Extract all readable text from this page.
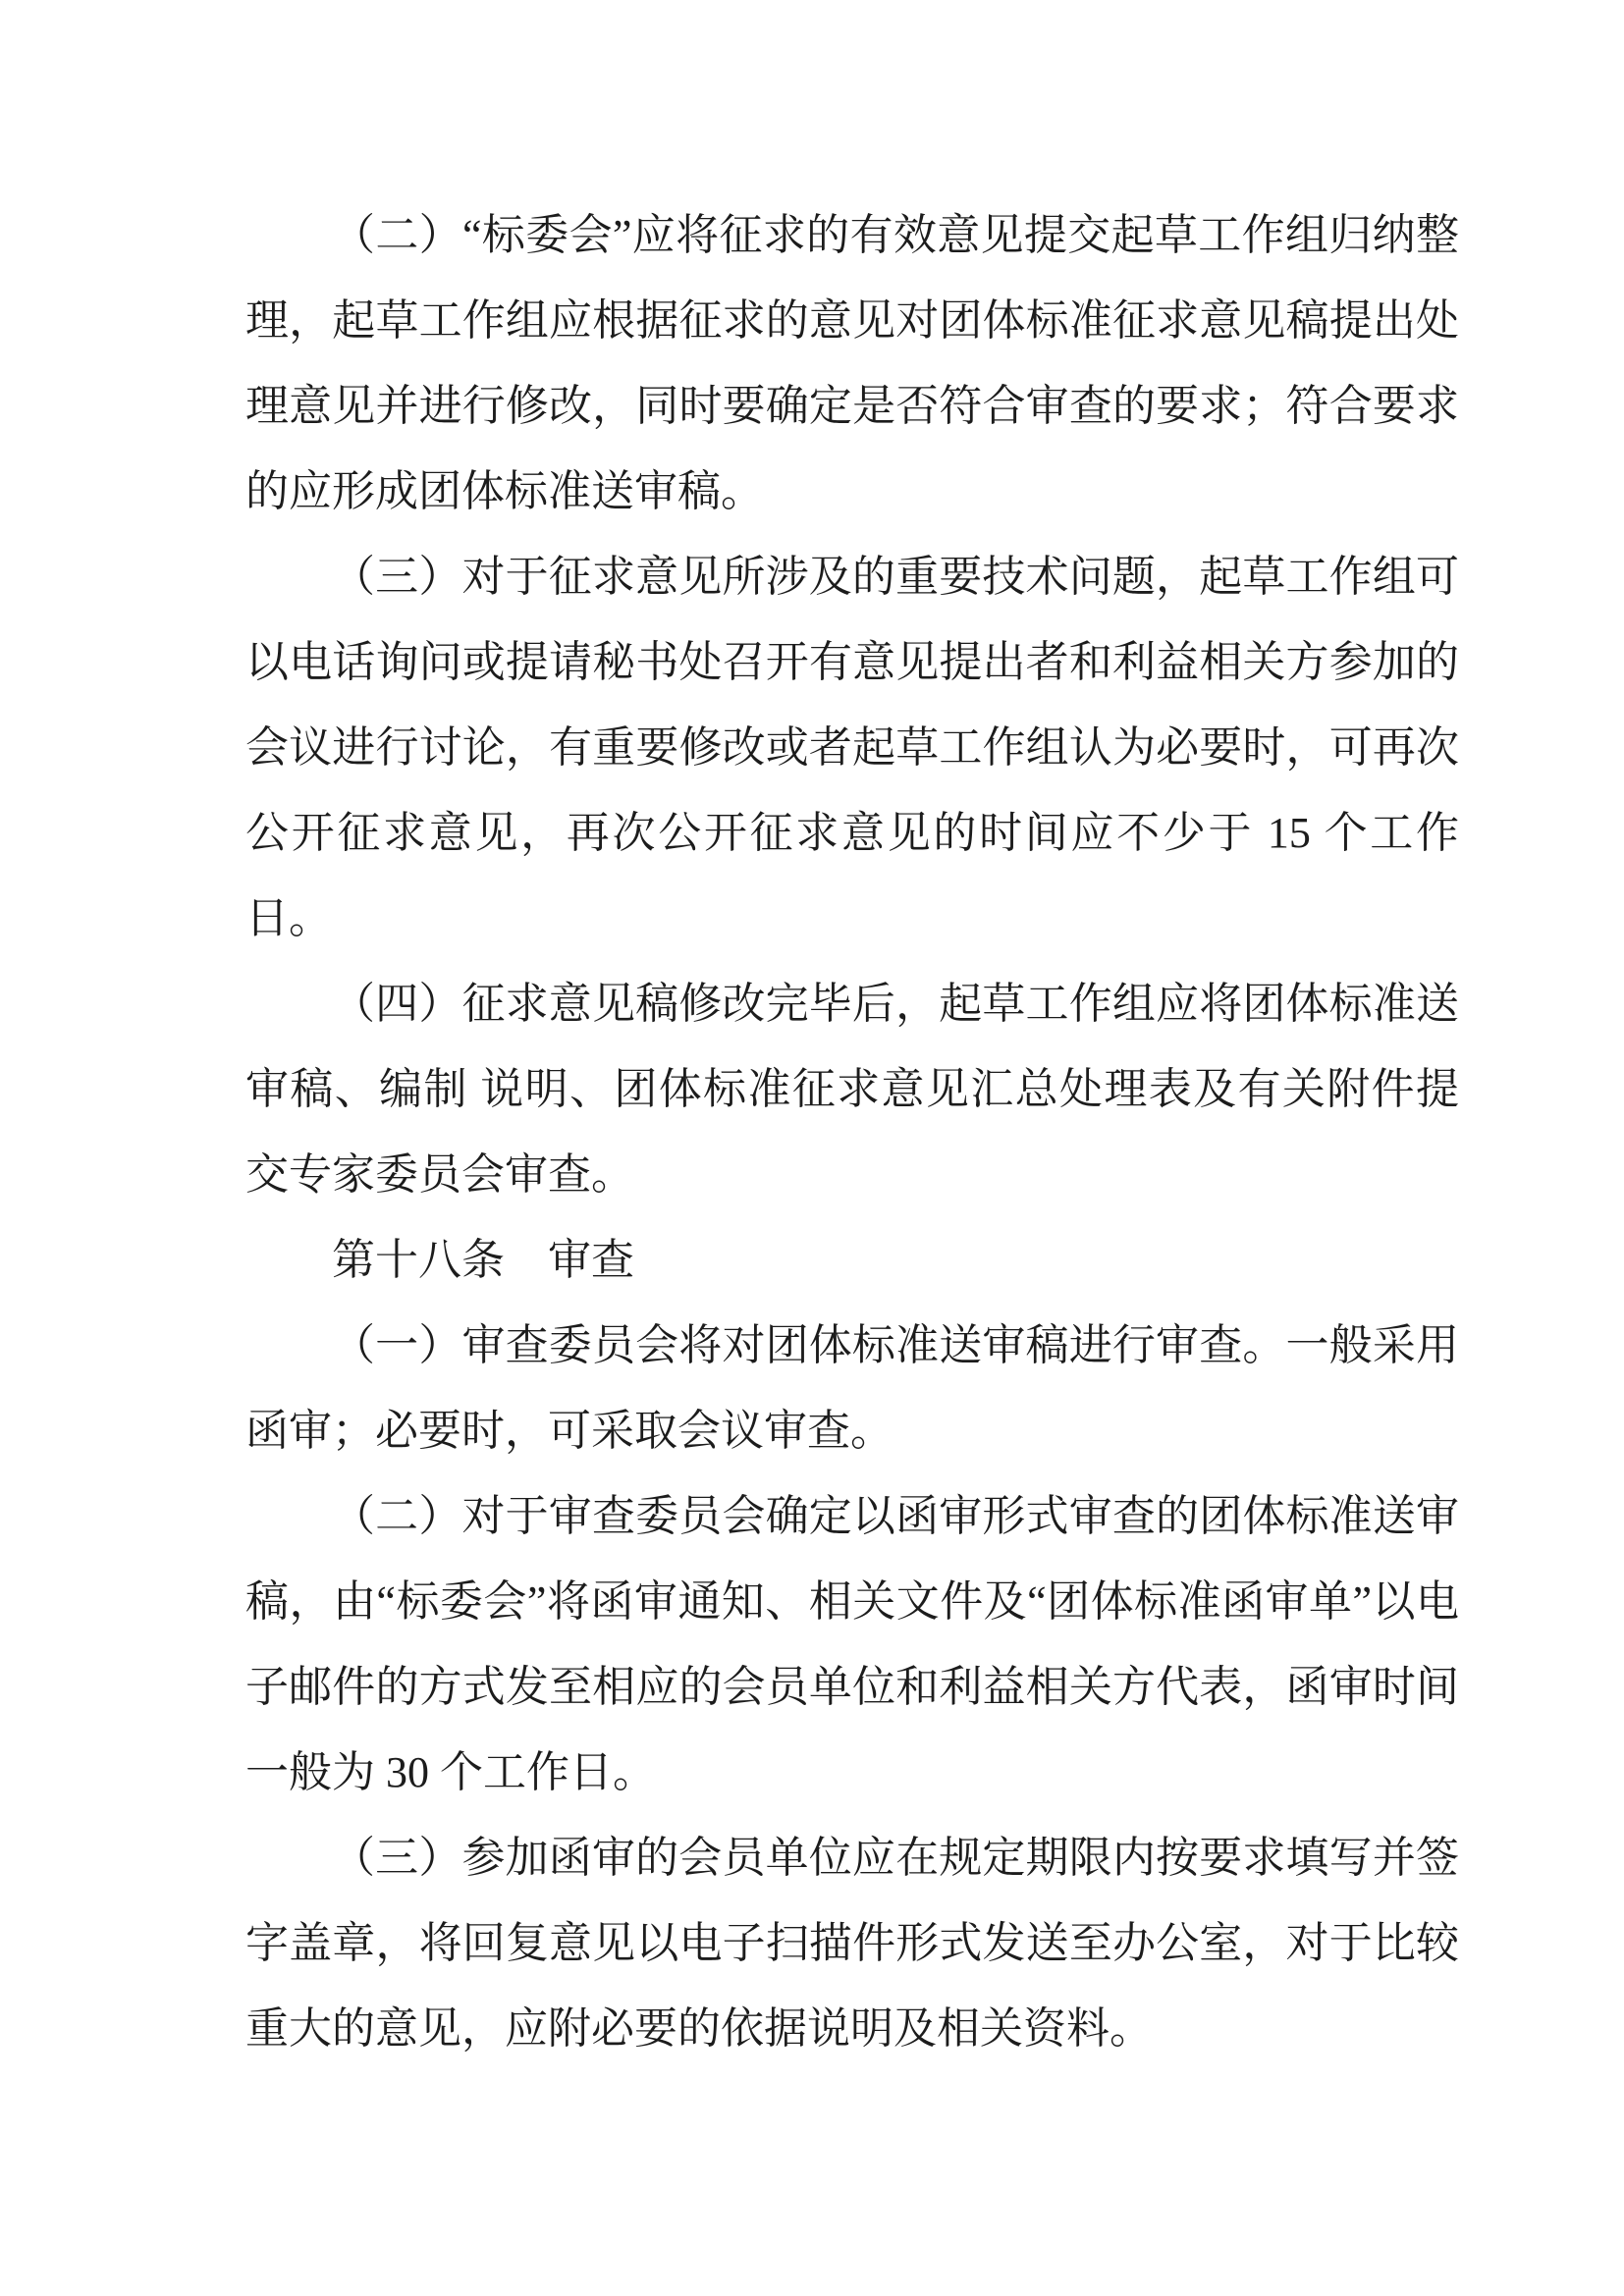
（二）“标委会”应将征求的有效意见提交起草工作组归纳整理，起草工作组应根据征求的意见对团体标准征求意见稿提出处理意见并进行修改，同时要确定是否符合审查的要求；符合要求的应形成团体标准送审稿。

（三）对于征求意见所涉及的重要技术问题，起草工作组可以电话询问或提请秘书处召开有意见提出者和利益相关方参加的会议进行讨论，有重要修改或者起草工作组认为必要时，可再次公开征求意见，再次公开征求意见的时间应不少于 15 个工作日。

（四）征求意见稿修改完毕后，起草工作组应将团体标准送审稿、编制 说明、团体标准征求意见汇总处理表及有关附件提交专家委员会审查。

第十八条　审查

（一）审查委员会将对团体标准送审稿进行审查。一般采用函审；必要时，可采取会议审查。

（二）对于审查委员会确定以函审形式审查的团体标准送审稿，由“标委会”将函审通知、相关文件及“团体标准函审单”以电子邮件的方式发至相应的会员单位和利益相关方代表，函审时间一般为 30 个工作日。

（三）参加函审的会员单位应在规定期限内按要求填写并签字盖章，将回复意见以电子扫描件形式发送至办公室，对于比较重大的意见，应附必要的依据说明及相关资料。
